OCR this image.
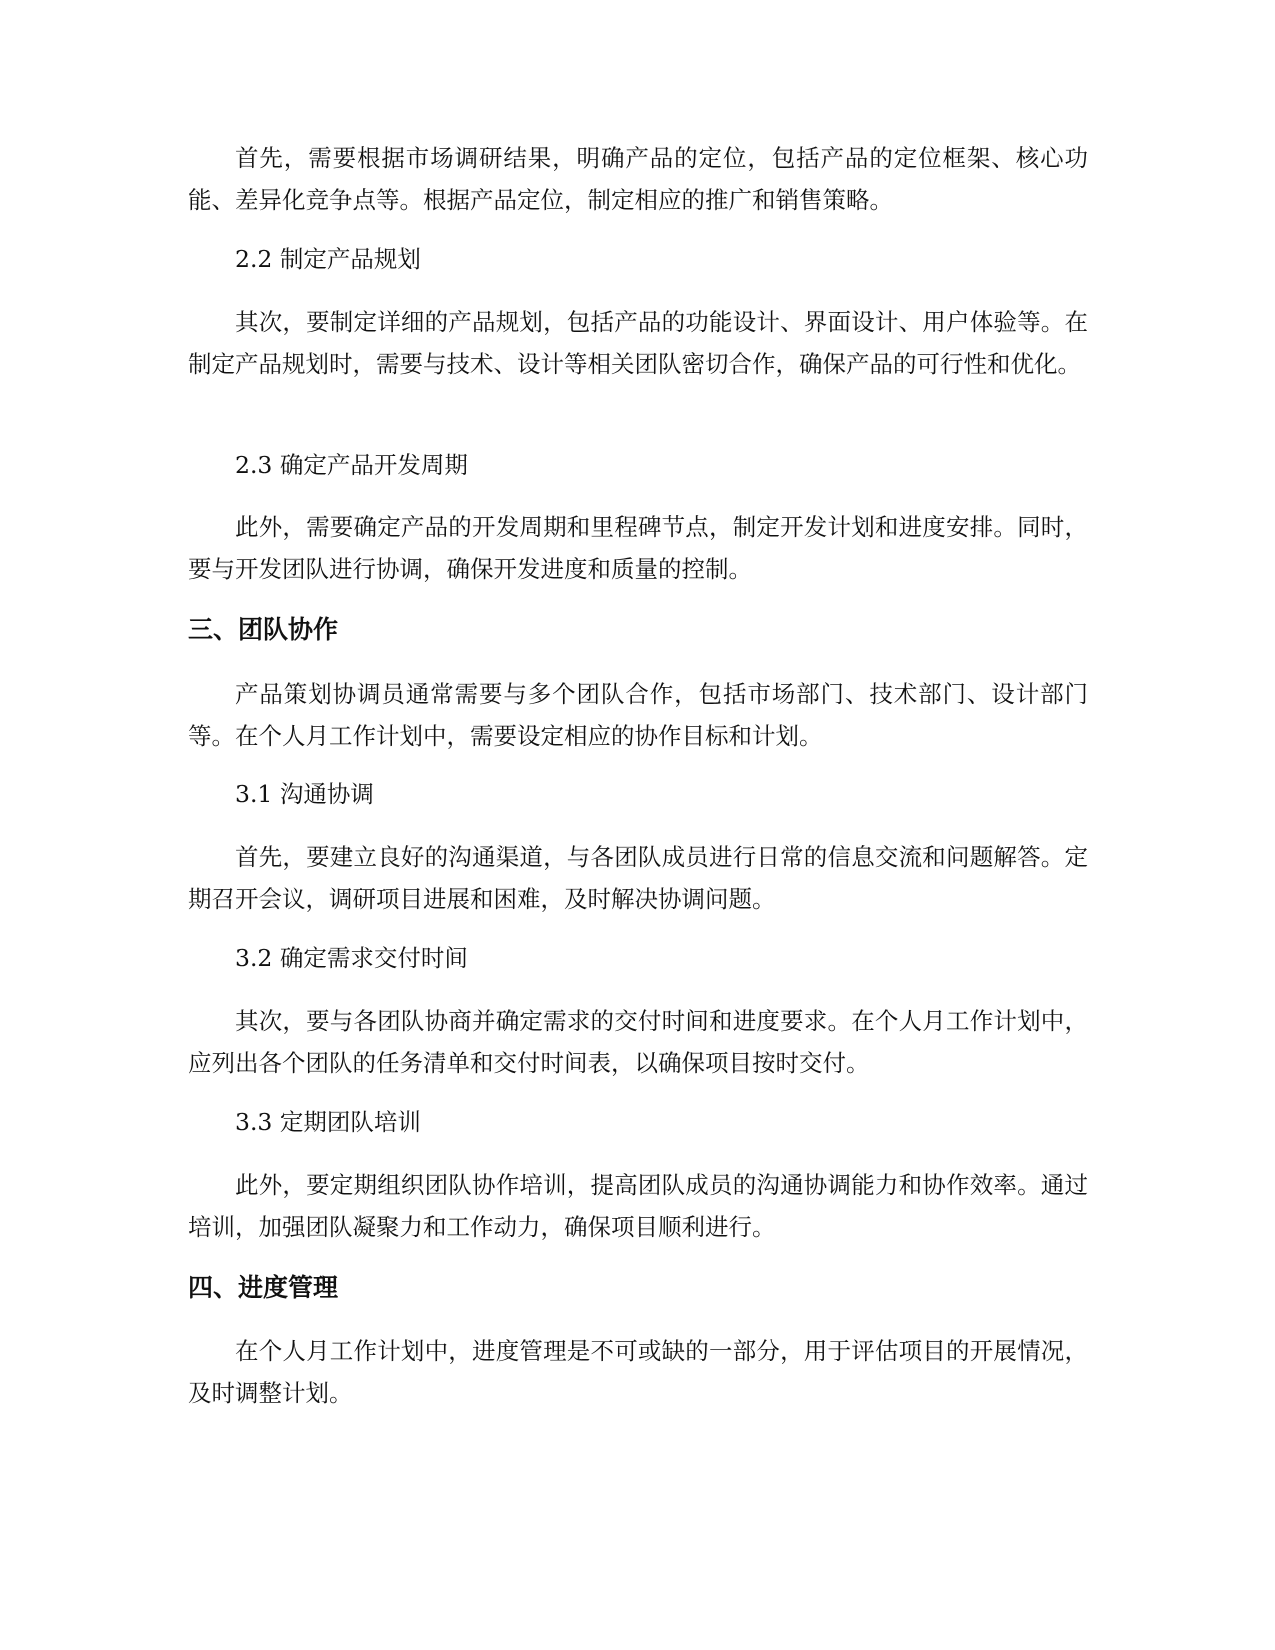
首先，需要根据市场调研结果，明确产品的定位，包括产品的定位框架、核心功能、差异化竞争点等。根据产品定位，制定相应的推广和销售策略。

2.2 制定产品规划

其次，要制定详细的产品规划，包括产品的功能设计、界面设计、用户体验等。在制定产品规划时，需要与技术、设计等相关团队密切合作，确保产品的可行性和优化。

2.3 确定产品开发周期

此外，需要确定产品的开发周期和里程碑节点，制定开发计划和进度安排。同时，要与开发团队进行协调，确保开发进度和质量的控制。

三、团队协作

产品策划协调员通常需要与多个团队合作，包括市场部门、技术部门、设计部门等。在个人月工作计划中，需要设定相应的协作目标和计划。

3.1 沟通协调

首先，要建立良好的沟通渠道，与各团队成员进行日常的信息交流和问题解答。定期召开会议，调研项目进展和困难，及时解决协调问题。

3.2 确定需求交付时间

其次，要与各团队协商并确定需求的交付时间和进度要求。在个人月工作计划中，应列出各个团队的任务清单和交付时间表，以确保项目按时交付。

3.3 定期团队培训

此外，要定期组织团队协作培训，提高团队成员的沟通协调能力和协作效率。通过培训，加强团队凝聚力和工作动力，确保项目顺利进行。

四、进度管理

在个人月工作计划中，进度管理是不可或缺的一部分，用于评估项目的开展情况，及时调整计划。
